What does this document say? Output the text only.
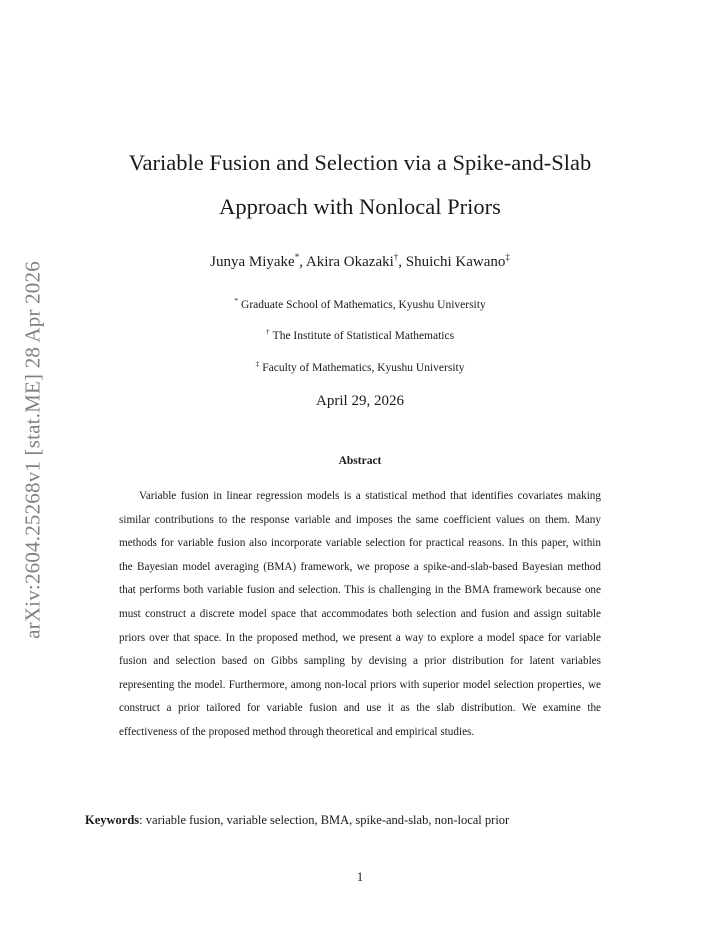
arXiv:2604.25268v1 [stat.ME] 28 Apr 2026
Variable Fusion and Selection via a Spike-and-Slab
Approach with Nonlocal Priors
Junya Miyake*, Akira Okazaki†, Shuichi Kawano‡
* Graduate School of Mathematics, Kyushu University
† The Institute of Statistical Mathematics
‡ Faculty of Mathematics, Kyushu University
April 29, 2026
Abstract

Variable fusion in linear regression models is a statistical method that identifies covariates making similar contributions to the response variable and imposes the same coefficient values on them. Many methods for variable fusion also incorporate variable selection for practical reasons. In this paper, within the Bayesian model averaging (BMA) framework, we propose a spike-and-slab-based Bayesian method that performs both variable fusion and selection. This is challenging in the BMA framework because one must construct a discrete model space that accommodates both selection and fusion and assign suitable priors over that space. In the proposed method, we present a way to explore a model space for variable fusion and selection based on Gibbs sampling by devising a prior distribution for latent variables representing the model. Furthermore, among non-local priors with superior model selection properties, we construct a prior tailored for variable fusion and use it as the slab distribution. We examine the effectiveness of the proposed method through theoretical and empirical studies.

Keywords: variable fusion, variable selection, BMA, spike-and-slab, non-local prior
1
